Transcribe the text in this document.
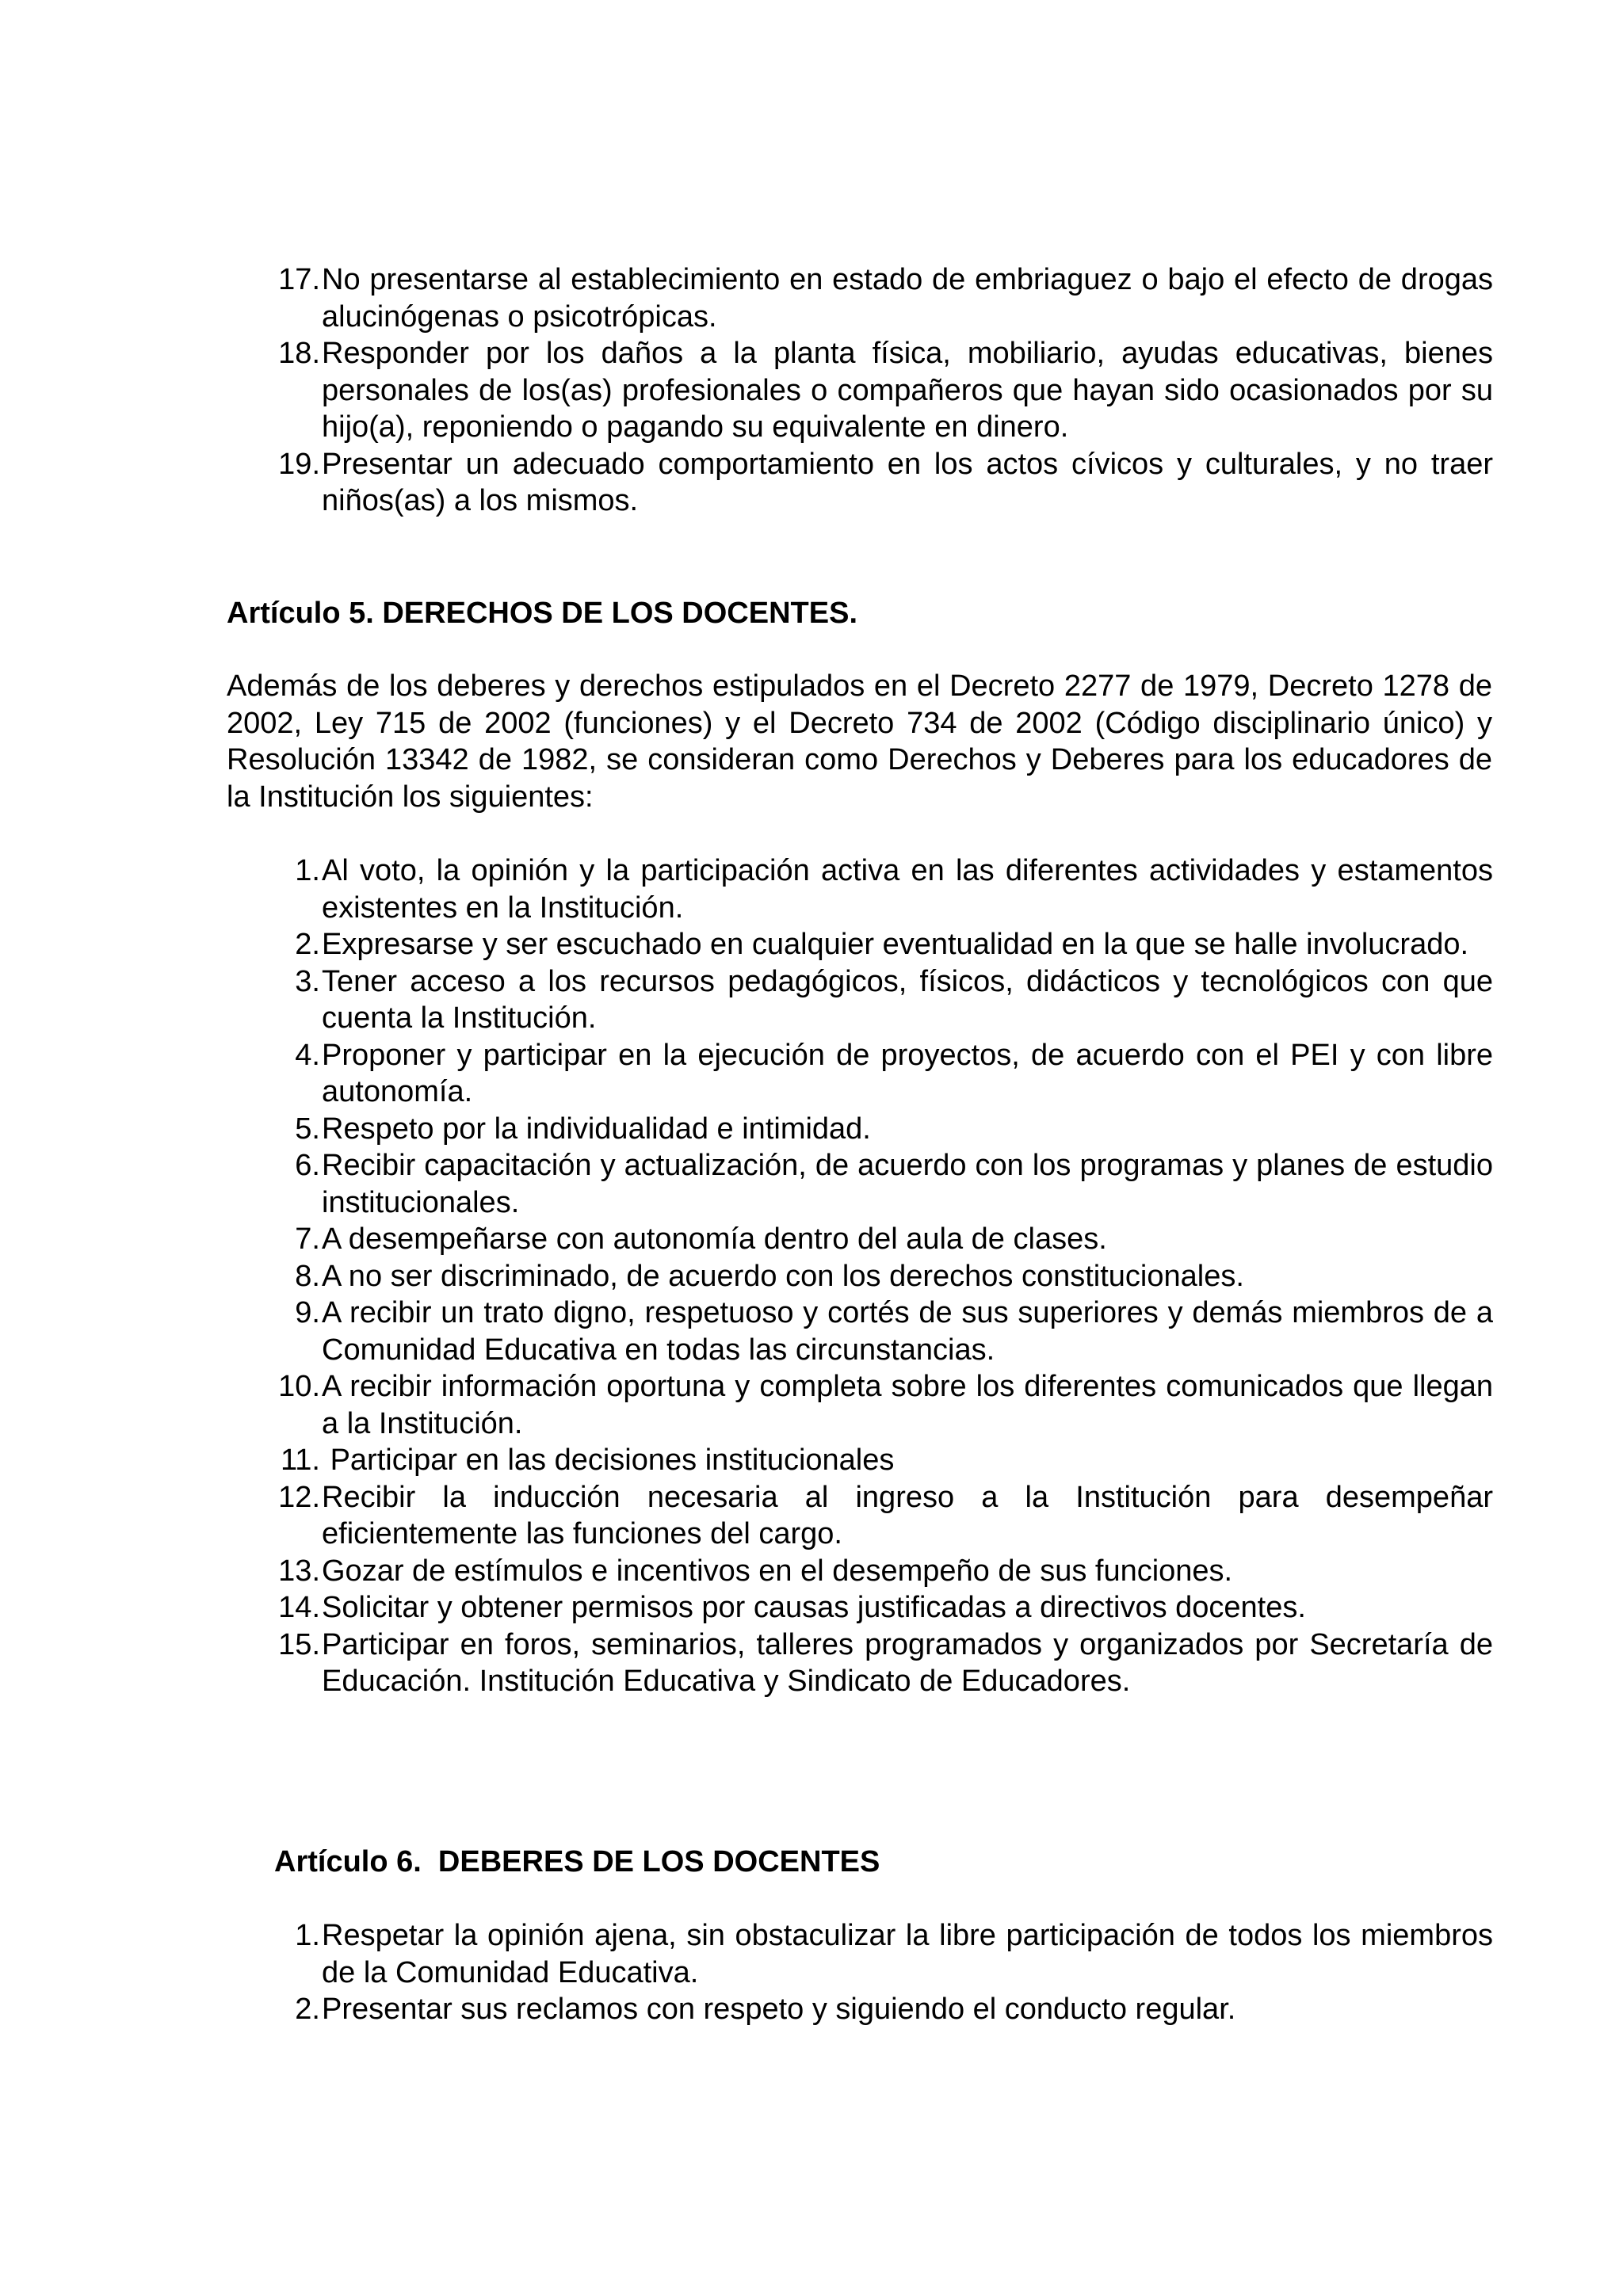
17. No presentarse al establecimiento en estado de embriaguez o bajo el efecto de drogas alucinógenas o psicotrópicas.
18. Responder por los daños a la planta física, mobiliario, ayudas educativas, bienes personales de los(as) profesionales o compañeros que hayan sido ocasionados por su hijo(a), reponiendo o pagando su equivalente en dinero.
19. Presentar un adecuado comportamiento en los actos cívicos y culturales, y no traer niños(as) a los mismos.
Artículo 5. DERECHOS DE LOS DOCENTES.

Además de los deberes y derechos estipulados en el Decreto 2277 de 1979, Decreto 1278 de 2002, Ley 715 de 2002 (funciones) y el Decreto 734 de 2002 (Código disciplinario único) y Resolución 13342 de 1982, se consideran como Derechos y Deberes para los educadores de la Institución los siguientes:

1. Al voto, la opinión y la participación activa en las diferentes actividades y estamentos existentes en la Institución.
2. Expresarse y ser escuchado en cualquier eventualidad en la que se halle involucrado.
3. Tener acceso a los recursos pedagógicos, físicos, didácticos y tecnológicos con que cuenta la Institución.
4. Proponer y participar en la ejecución de proyectos, de acuerdo con el PEI y con libre autonomía.
5. Respeto por la individualidad e intimidad.
6. Recibir capacitación y actualización, de acuerdo con los programas y planes de estudio institucionales.
7. A desempeñarse con autonomía dentro del aula de clases.
8. A no ser discriminado, de acuerdo con los derechos constitucionales.
9. A recibir un trato digno, respetuoso y cortés de sus superiores y demás miembros de a Comunidad Educativa en todas las circunstancias.
10. A recibir información oportuna y completa sobre los diferentes comunicados que llegan a la Institución.
11. Participar en las decisiones institucionales
12. Recibir la inducción necesaria al ingreso a la Institución para desempeñar eficientemente las funciones del cargo.
13. Gozar de estímulos e incentivos en el desempeño de sus funciones.
14. Solicitar y obtener permisos por causas justificadas a directivos docentes.
15. Participar en foros, seminarios, talleres programados y organizados por Secretaría de Educación. Institución Educativa y Sindicato de Educadores.
Artículo 6.  DEBERES DE LOS DOCENTES
1. Respetar la opinión ajena, sin obstaculizar la libre participación de todos los miembros de la Comunidad Educativa.
2. Presentar sus reclamos con respeto y siguiendo el conducto regular.
